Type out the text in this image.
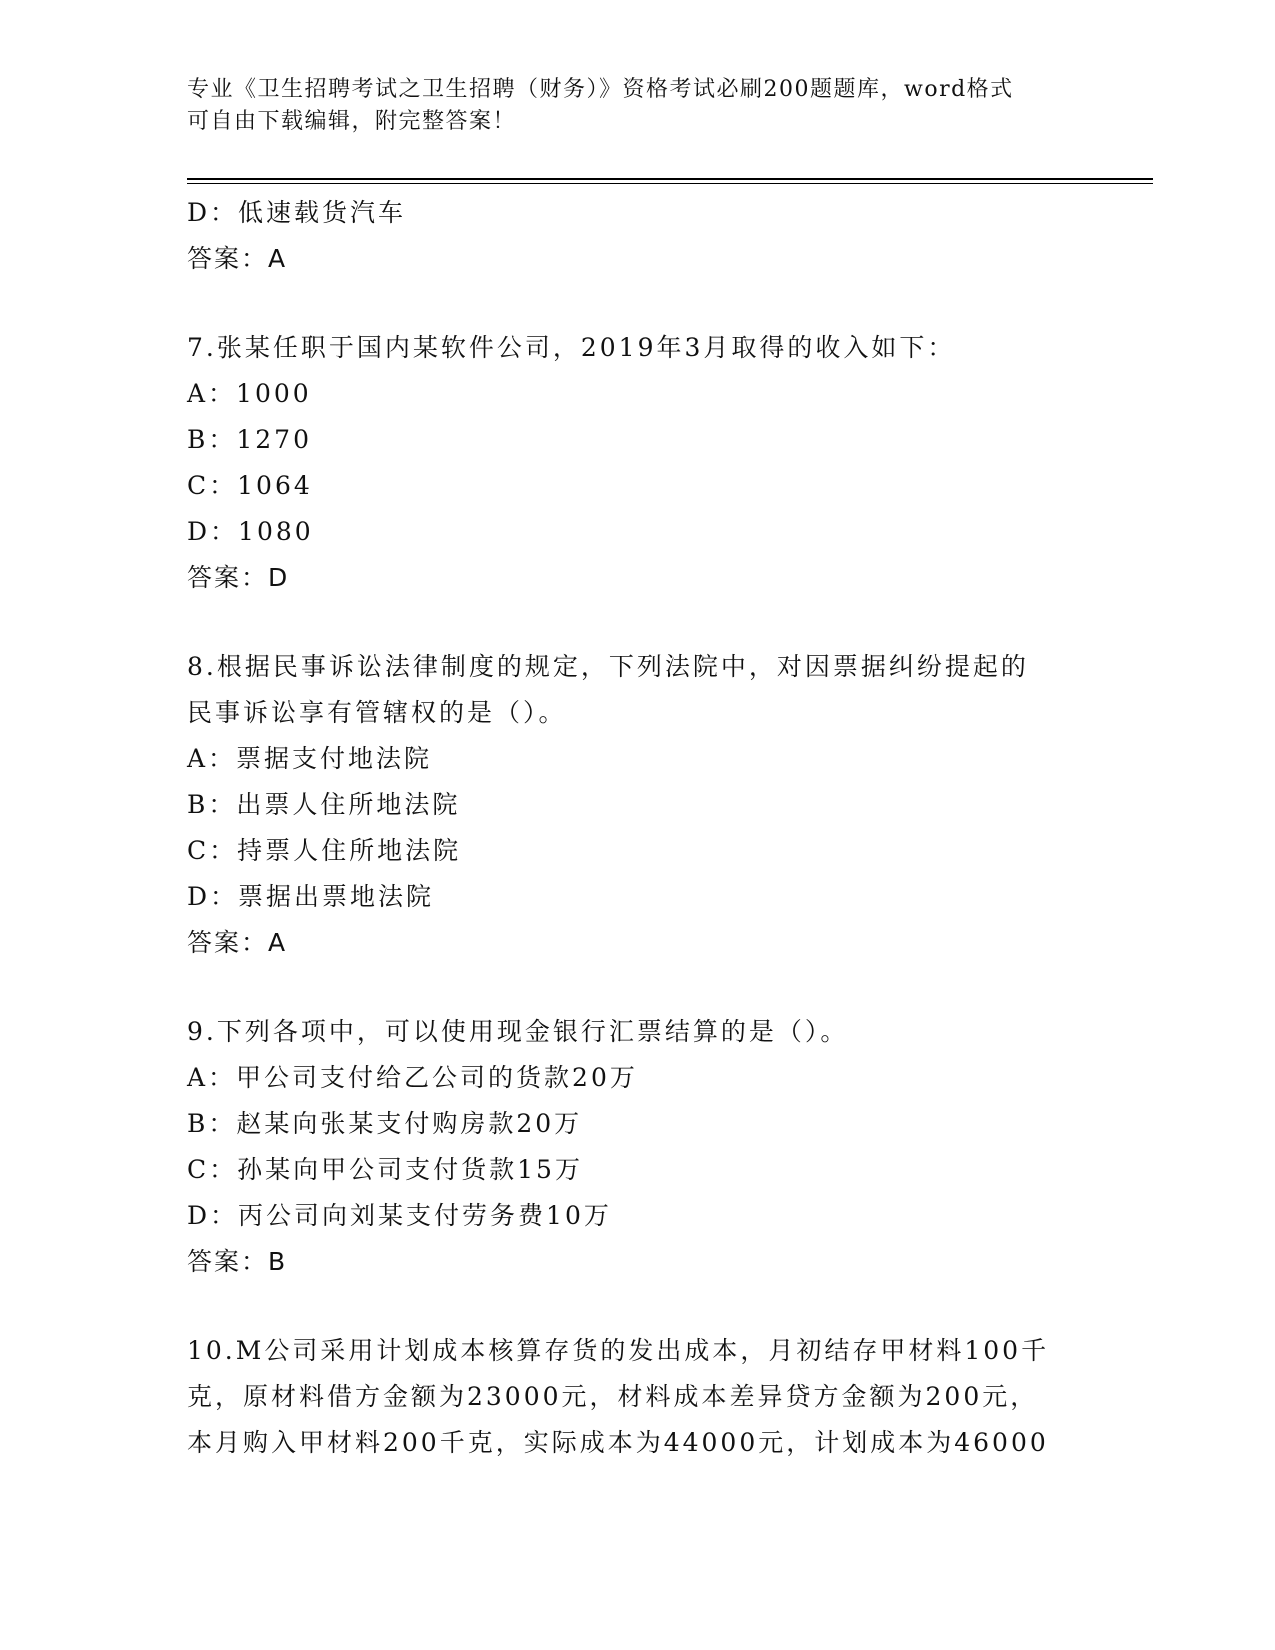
专业《卫生招聘考试之卫生招聘（财务）》资格考试必刷200题题库，word格式
可自由下载编辑，附完整答案！
D：低速载货汽车
答案：A
7.张某任职于国内某软件公司，2019年3月取得的收入如下：
A：1000
B：1270
C：1064
D：1080
答案：D
8.根据民事诉讼法律制度的规定，下列法院中，对因票据纠纷提起的
民事诉讼享有管辖权的是（）。
A：票据支付地法院
B：出票人住所地法院
C：持票人住所地法院
D：票据出票地法院
答案：A
9.下列各项中，可以使用现金银行汇票结算的是（）。
A：甲公司支付给乙公司的货款20万
B：赵某向张某支付购房款20万
C：孙某向甲公司支付货款15万
D：丙公司向刘某支付劳务费10万
答案：B
10.M公司采用计划成本核算存货的发出成本，月初结存甲材料100千
克，原材料借方金额为23000元，材料成本差异贷方金额为200元，
本月购入甲材料200千克，实际成本为44000元，计划成本为46000
